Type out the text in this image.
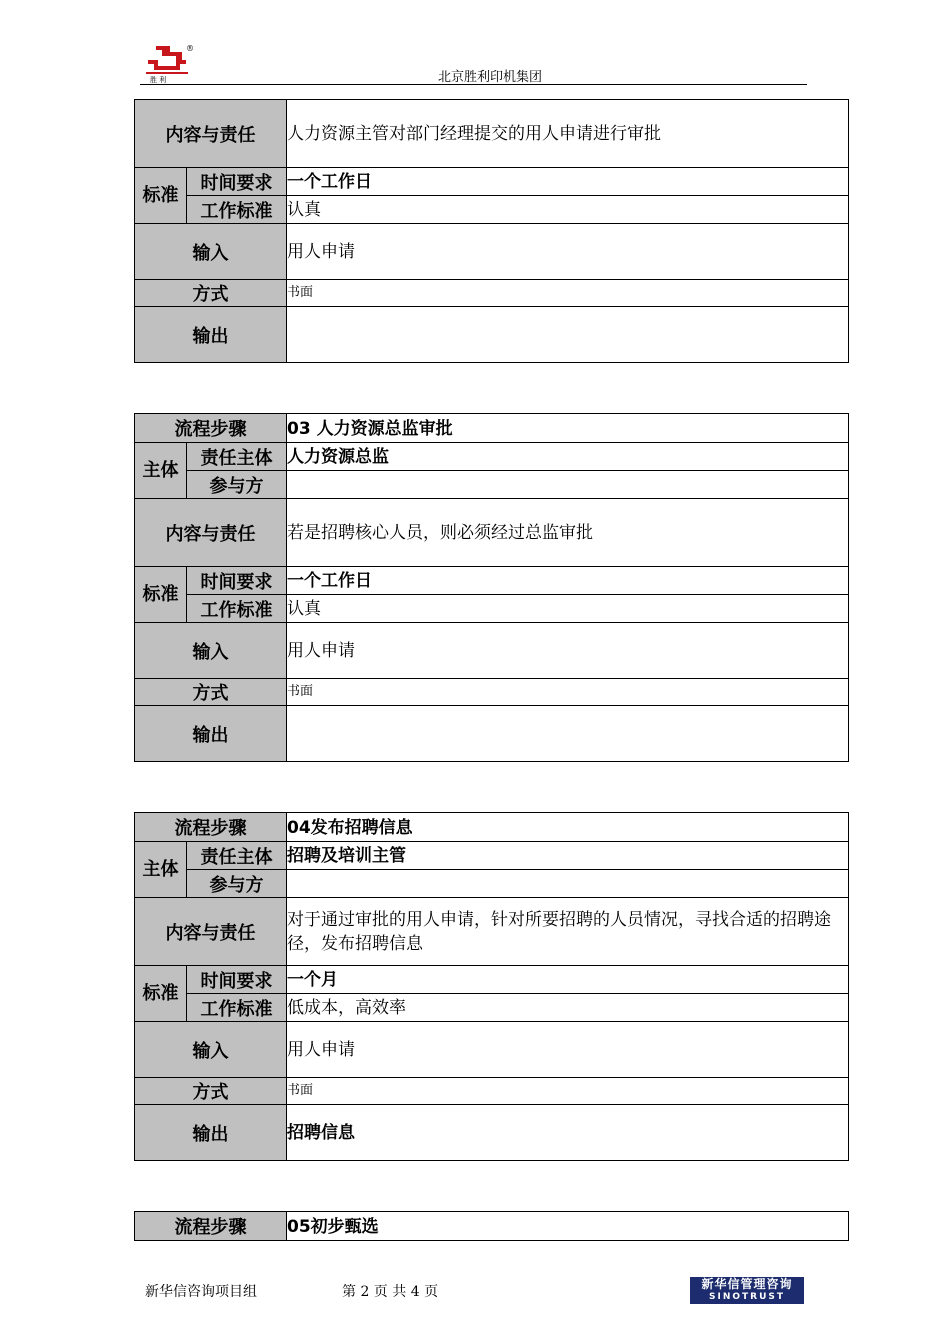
®
胜 利	北京胜利印机集团
内容与责任		人力资源主管对部门经理提交的用人申请进行审批
标准	时间要求	一个工作日
	工作标准	认真
输入		用人申请
方式		书面
输出		
流程步骤		03 人力资源总监审批
主体	责任主体	人力资源总监
	参与方	
内容与责任		若是招聘核心人员，则必须经过总监审批
标准	时间要求	一个工作日
	工作标准	认真
输入		用人申请
方式		书面
输出		
流程步骤		04发布招聘信息
主体	责任主体	招聘及培训主管
	参与方	
内容与责任		对于通过审批的用人申请，针对所要招聘的人员情况，寻找合适的招聘途径，发布招聘信息
标准	时间要求	一个月
	工作标准	低成本，高效率
输入		用人申请
方式		书面
输出		招聘信息
流程步骤	05初步甄选
新华信咨询项目组	第 2 页 共 4 页	新华信管理咨询
SINOTRUST
